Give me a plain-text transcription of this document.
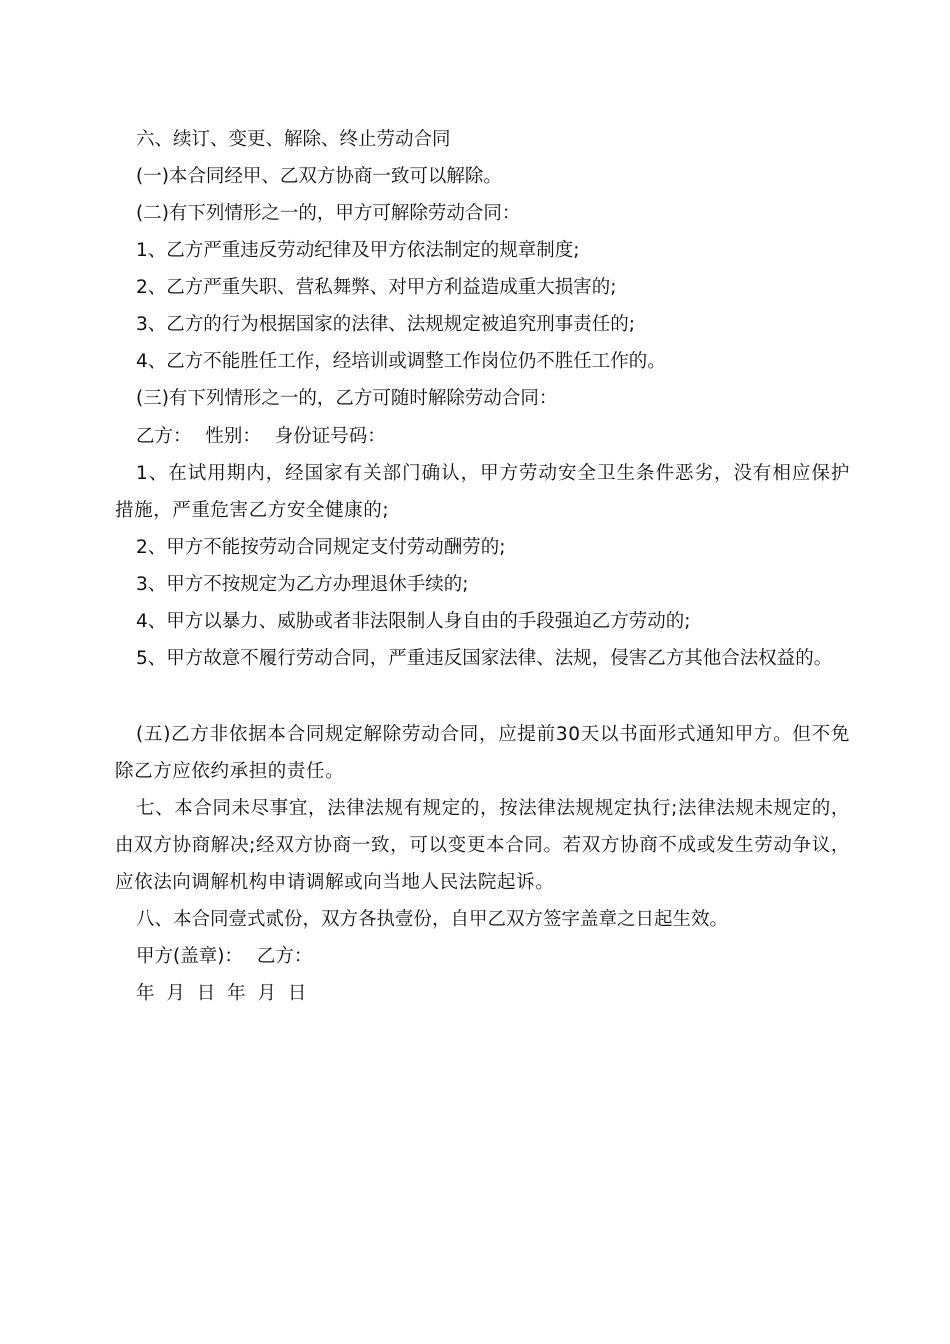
六、续订、变更、解除、终止劳动合同

(一)本合同经甲、乙双方协商一致可以解除。

(二)有下列情形之一的，甲方可解除劳动合同：

1、乙方严重违反劳动纪律及甲方依法制定的规章制度;

2、乙方严重失职、营私舞弊、对甲方利益造成重大损害的;

3、乙方的行为根据国家的法律、法规规定被追究刑事责任的;

4、乙方不能胜任工作，经培训或调整工作岗位仍不胜任工作的。

(三)有下列情形之一的，乙方可随时解除劳动合同：

乙方： 性别： 身份证号码：

1、在试用期内，经国家有关部门确认，甲方劳动安全卫生条件恶劣，没有相应保护措施，严重危害乙方安全健康的;

2、甲方不能按劳动合同规定支付劳动酬劳的;

3、甲方不按规定为乙方办理退休手续的;

4、甲方以暴力、威胁或者非法限制人身自由的手段强迫乙方劳动的;

5、甲方故意不履行劳动合同，严重违反国家法律、法规，侵害乙方其他合法权益的。

(五)乙方非依据本合同规定解除劳动合同，应提前30天以书面形式通知甲方。但不免除乙方应依约承担的责任。

七、本合同未尽事宜，法律法规有规定的，按法律法规规定执行;法律法规未规定的，由双方协商解决;经双方协商一致，可以变更本合同。若双方协商不成或发生劳动争议，应依法向调解机构申请调解或向当地人民法院起诉。

八、本合同壹式贰份，双方各执壹份，自甲乙双方签字盖章之日起生效。

甲方(盖章)： 乙方：

年 月 日 年 月 日
